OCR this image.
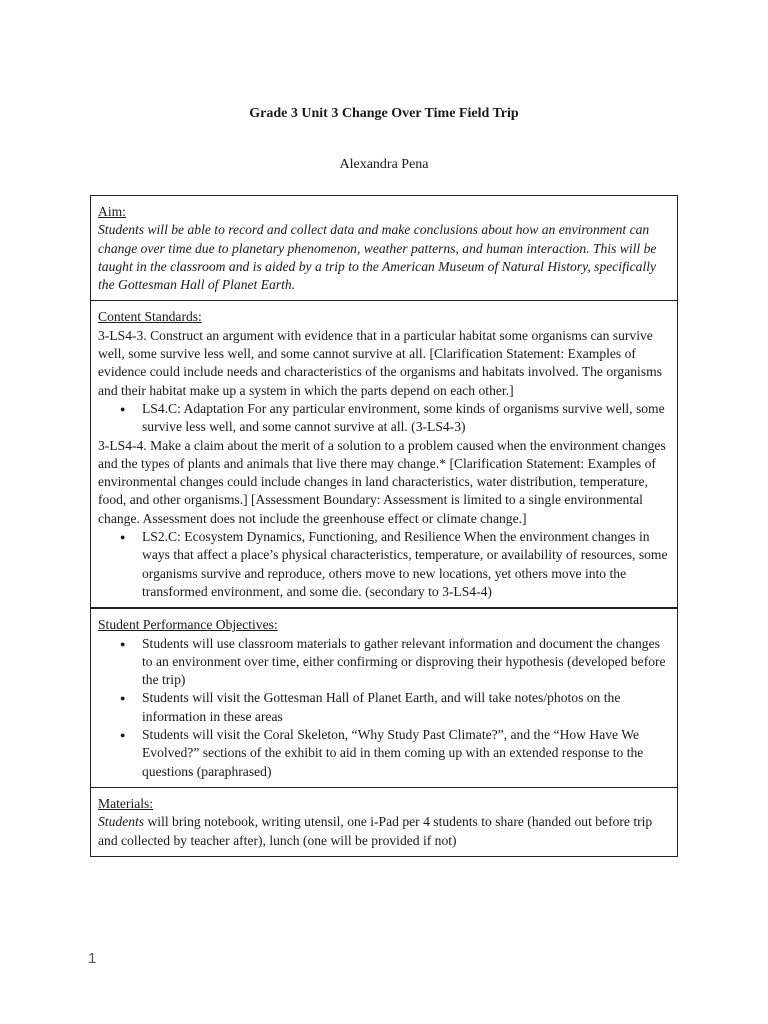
Grade 3 Unit 3 Change Over Time Field Trip
Alexandra Pena
Aim:
Students will be able to record and collect data and make conclusions about how an environment can change over time due to planetary phenomenon, weather patterns, and human interaction. This will be taught in the classroom and is aided by a trip to the American Museum of Natural History, specifically the Gottesman Hall of Planet Earth.
Content Standards:
3-LS4-3. Construct an argument with evidence that in a particular habitat some organisms can survive well, some survive less well, and some cannot survive at all. [Clarification Statement: Examples of evidence could include needs and characteristics of the organisms and habitats involved. The organisms and their habitat make up a system in which the parts depend on each other.]
● LS4.C: Adaptation For any particular environment, some kinds of organisms survive well, some survive less well, and some cannot survive at all. (3-LS4-3)
3-LS4-4. Make a claim about the merit of a solution to a problem caused when the environment changes and the types of plants and animals that live there may change.* [Clarification Statement: Examples of environmental changes could include changes in land characteristics, water distribution, temperature, food, and other organisms.] [Assessment Boundary: Assessment is limited to a single environmental change. Assessment does not include the greenhouse effect or climate change.]
● LS2.C: Ecosystem Dynamics, Functioning, and Resilience When the environment changes in ways that affect a place’s physical characteristics, temperature, or availability of resources, some organisms survive and reproduce, others move to new locations, yet others move into the transformed environment, and some die. (secondary to 3-LS4-4)
Student Performance Objectives:
● Students will use classroom materials to gather relevant information and document the changes to an environment over time, either confirming or disproving their hypothesis (developed before the trip)
● Students will visit the Gottesman Hall of Planet Earth, and will take notes/photos on the information in these areas
● Students will visit the Coral Skeleton, “Why Study Past Climate?”, and the “How Have We Evolved?” sections of the exhibit to aid in them coming up with an extended response to the questions (paraphrased)
Materials:
Students will bring notebook, writing utensil, one i-Pad per 4 students to share (handed out before trip and collected by teacher after), lunch (one will be provided if not)
1
